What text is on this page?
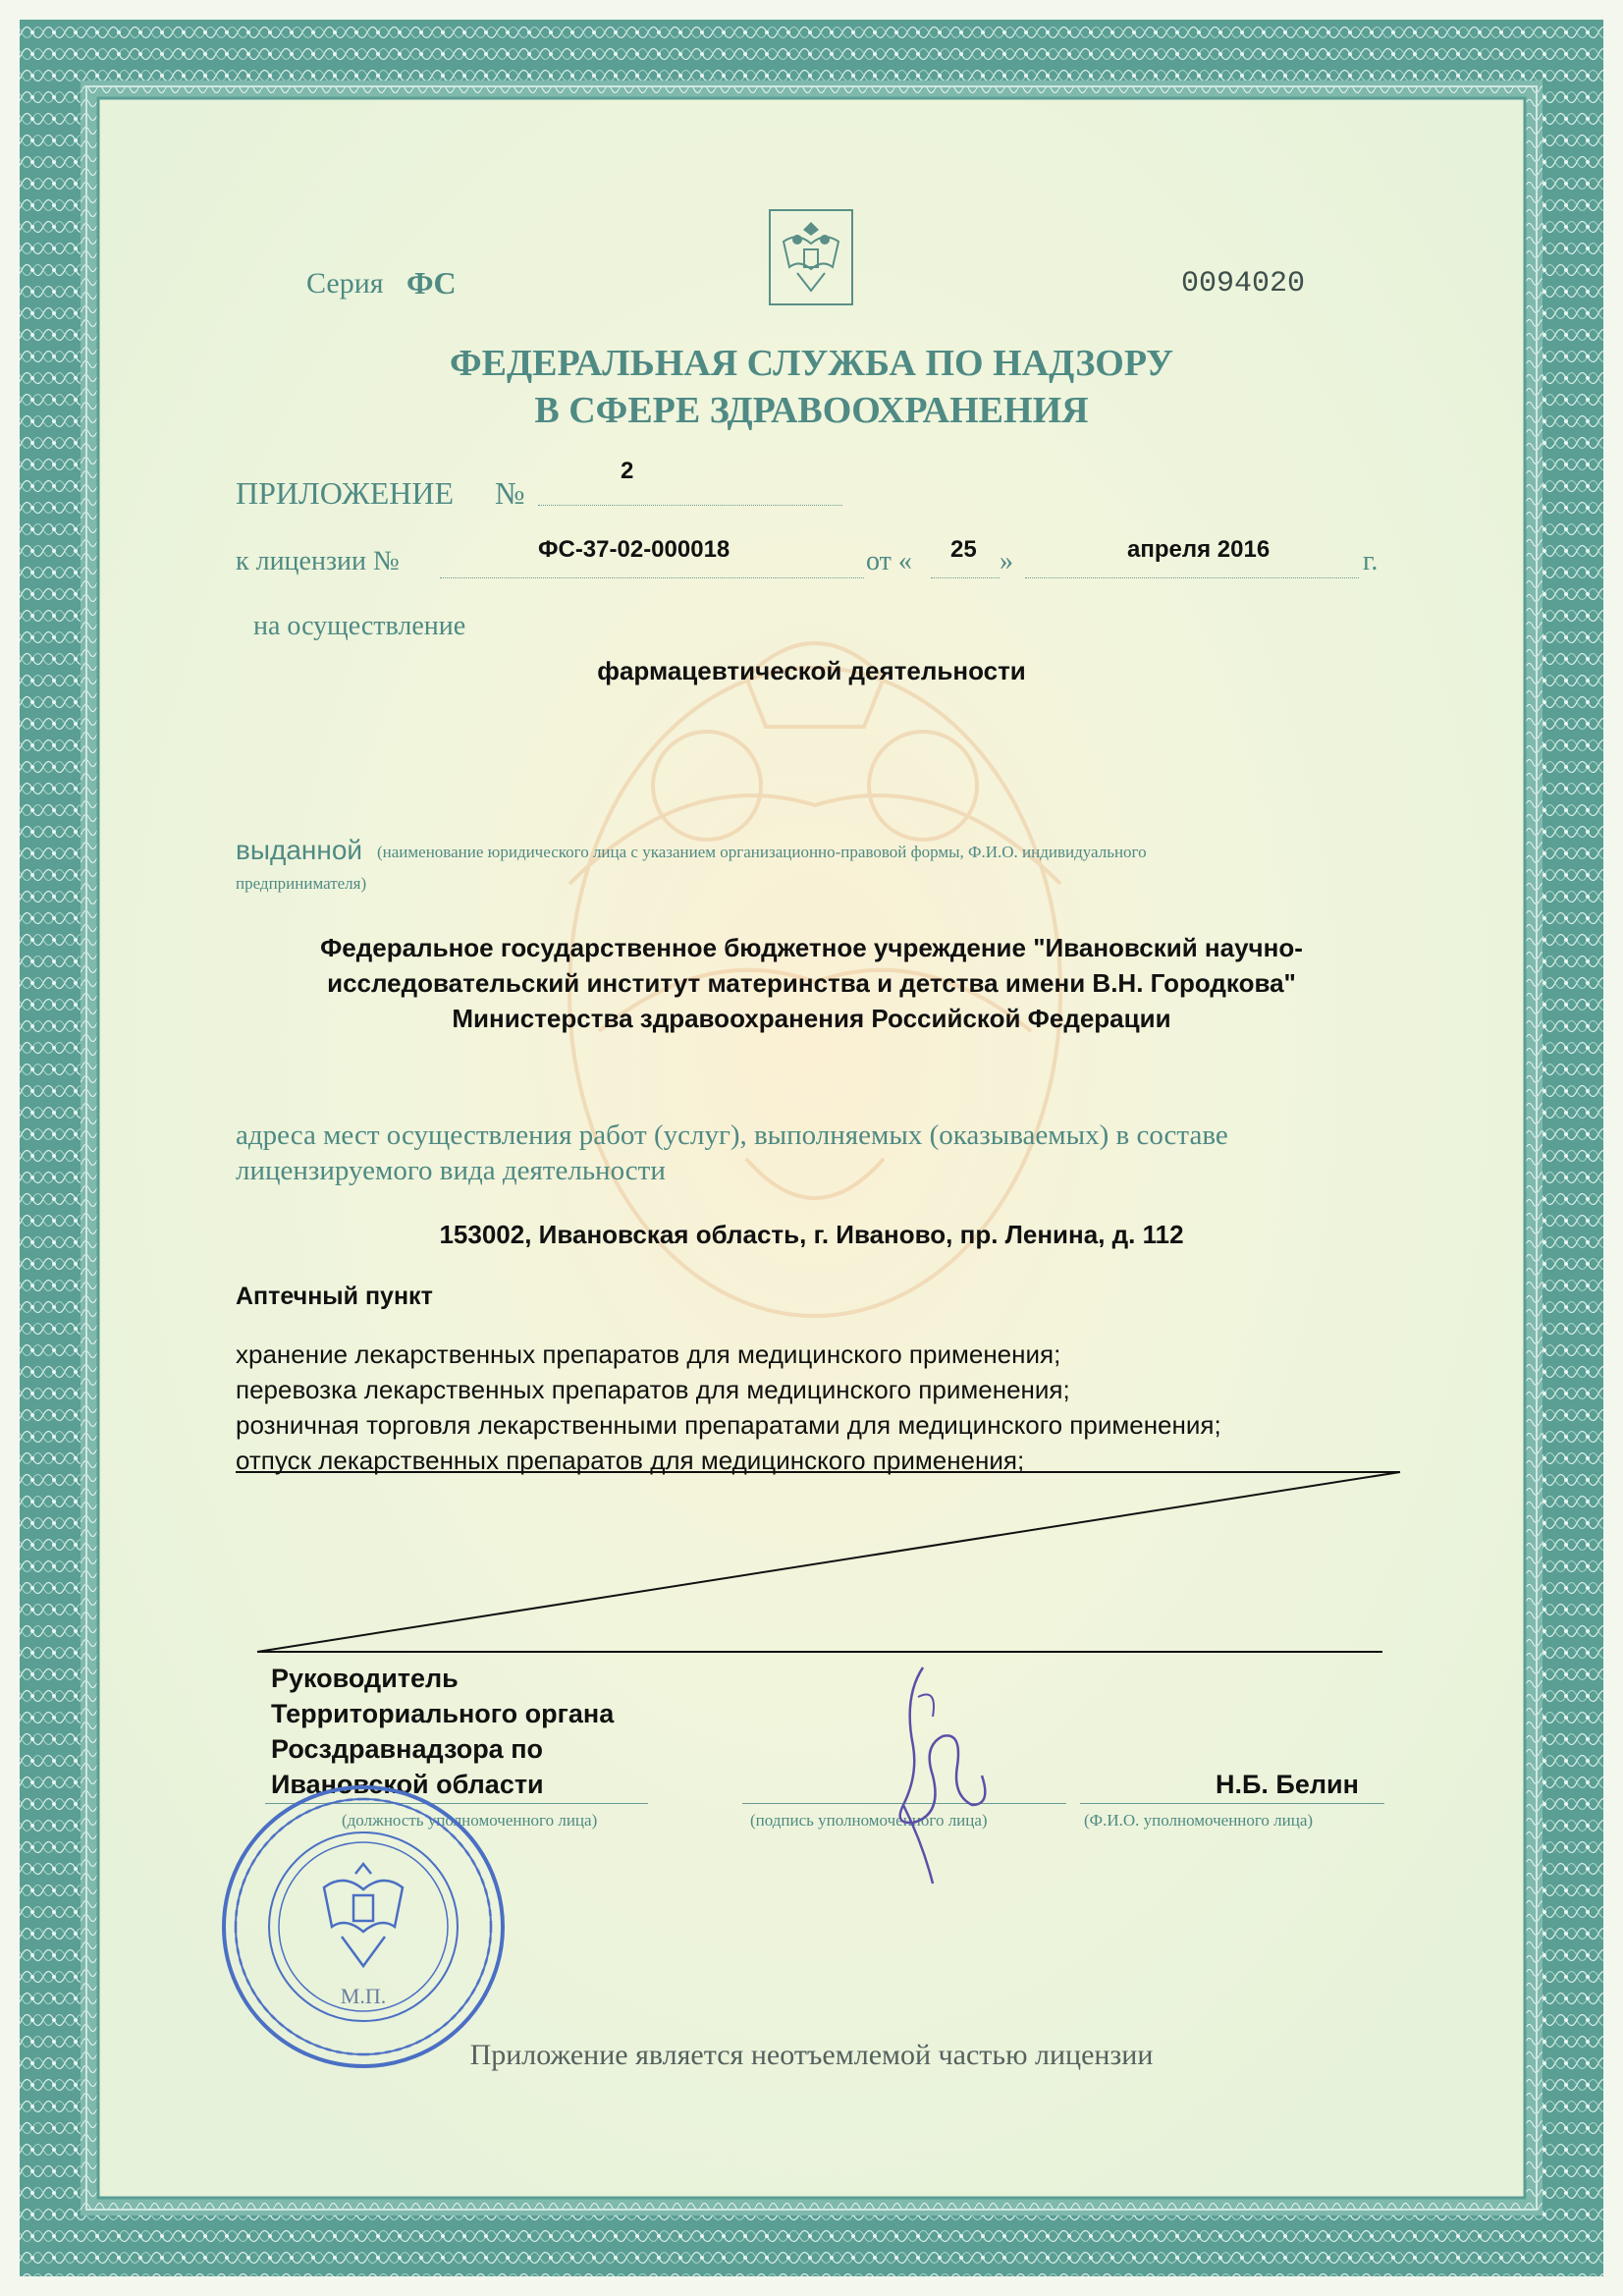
Серия ФС	0094020
ФЕДЕРАЛЬНАЯ СЛУЖБА ПО НАДЗОРУ
В СФЕРЕ ЗДРАВООХРАНЕНИЯ
ПРИЛОЖЕНИЕ №
2
к лицензии №	ФС-37-02-000018	от « 25 »	апреля 2016	г.
на осуществление
фармацевтической деятельности
выданной (наименование юридического лица с указанием организационно-правовой формы, Ф.И.О. индивидуального
предпринимателя)
Федеральное государственное бюджетное учреждение "Ивановский научно-
исследовательский институт материнства и детства имени В.Н. Городкова"
Министерства здравоохранения Российской Федерации
адреса мест осуществления работ (услуг), выполняемых (оказываемых) в составе
лицензируемого вида деятельности
153002, Ивановская область, г. Иваново, пр. Ленина, д. 112
Аптечный пункт
хранение лекарственных препаратов для медицинского применения;
перевозка лекарственных препаратов для медицинского применения;
розничная торговля лекарственными препаратами для медицинского применения;
отпуск лекарственных препаратов для медицинского применения;
Руководитель
Территориального органа
Росздравнадзора по
Ивановской области
(должность уполномоченного лица)	(подпись уполномоченного лица)
Н.Б. Белин
(Ф.И.О. уполномоченного лица)
М.П.
Приложение является неотъемлемой частью лицензии
